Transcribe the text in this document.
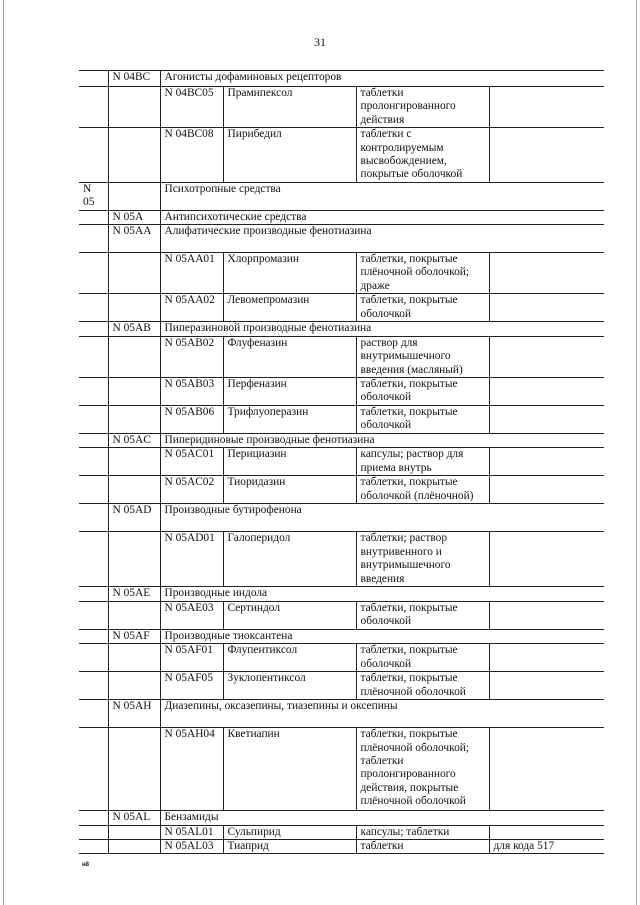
31
	N 04BC	Агонисты дофаминовых рецепторов			
		N 04BC05	Прамипексол	таблетки пролонгированного действия	
		N 04BC08	Пирибедил	таблетки с контролируемым высвобождением, покрытые оболочкой	
N 05		Психотропные средства			
	N 05A	Антипсихотические средства			
	N 05AA	Алифатические производные фенотиазина			
		N 05AA01	Хлорпромазин	таблетки, покрытые плёночной оболочкой; драже	
		N 05AA02	Левомепромазин	таблетки, покрытые оболочкой	
	N 05AB	Пиперазиновой производные фенотиазина			
		N 05AB02	Флуфеназин	раствор для внутримышечного введения (масляный)	
		N 05AB03	Перфеназин	таблетки, покрытые оболочкой	
		N 05AB06	Трифлуоперазин	таблетки, покрытые оболочкой	
	N 05AC	Пиперидиновые производные фенотиазина			
		N 05AC01	Перициазин	капсулы; раствор для приема внутрь	
		N 05AC02	Тиоридазин	таблетки, покрытые оболочкой (плёночной)	
	N 05AD	Производные бутирофенона			
		N 05AD01	Галоперидол	таблетки; раствор внутривенного и внутримышечного введения	
	N 05AE	Производные индола			
		N 05AE03	Сертиндол	таблетки, покрытые оболочкой	
	N 05AF	Производные тиоксантена			
		N 05AF01	Флупентиксол	таблетки, покрытые оболочкой	
		N 05AF05	Зуклопентиксол	таблетки, покрытые плёночной оболочкой	
	N 05AH	Диазепины, оксазепины, тиазепины и оксепины			
		N 05AH04	Кветиапин	таблетки, покрытые плёночной оболочкой; таблетки пролонгированного действия, покрытые плёночной оболочкой	
	N 05AL	Бензамиды			
		N 05AL01	Сульпирид	капсулы; таблетки	
		N 05AL03	Тиаприд	таблетки	для кода 517
н8
